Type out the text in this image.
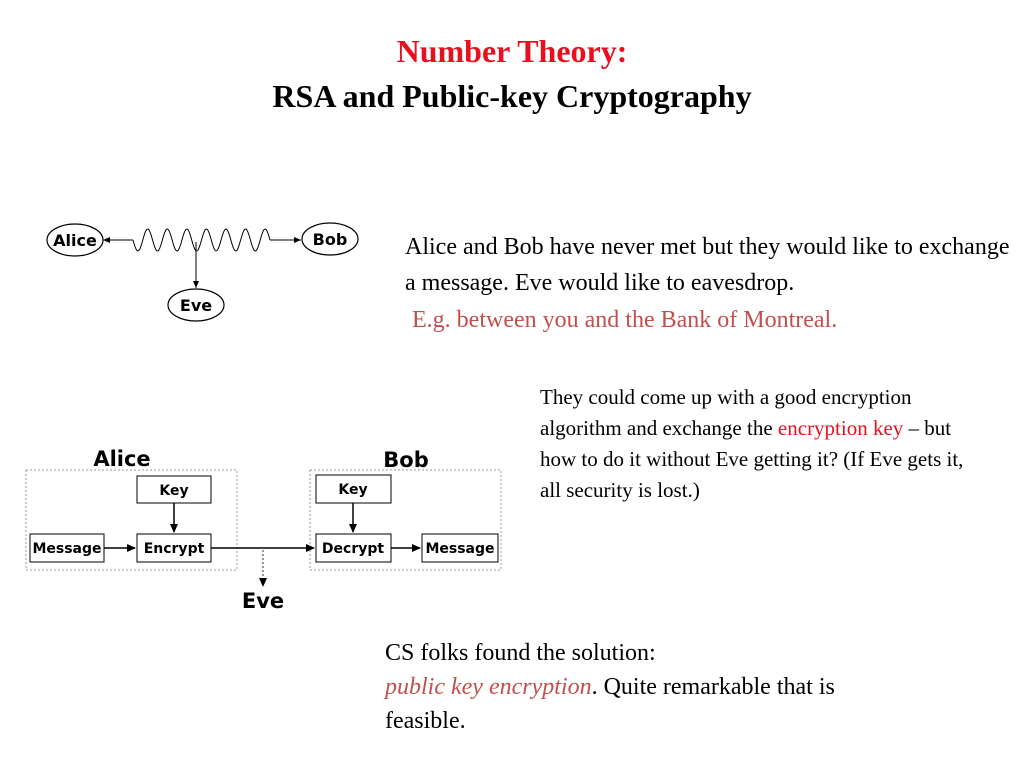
Number Theory:
RSA and Public-key Cryptography
Alice	Bob
Eve
Alice	Bob
Key	Key
Message	Encrypt	Decrypt	Message
Eve
Alice and Bob have never met but they would like to exchange a message. Eve would like to eavesdrop.
E.g. between you and the Bank of Montreal.
They could come up with a good encryption algorithm and exchange the encryption key – but how to do it without Eve getting it? (If Eve gets it, all security is lost.)
CS folks found the solution:
public key encryption. Quite remarkable that is feasible.
